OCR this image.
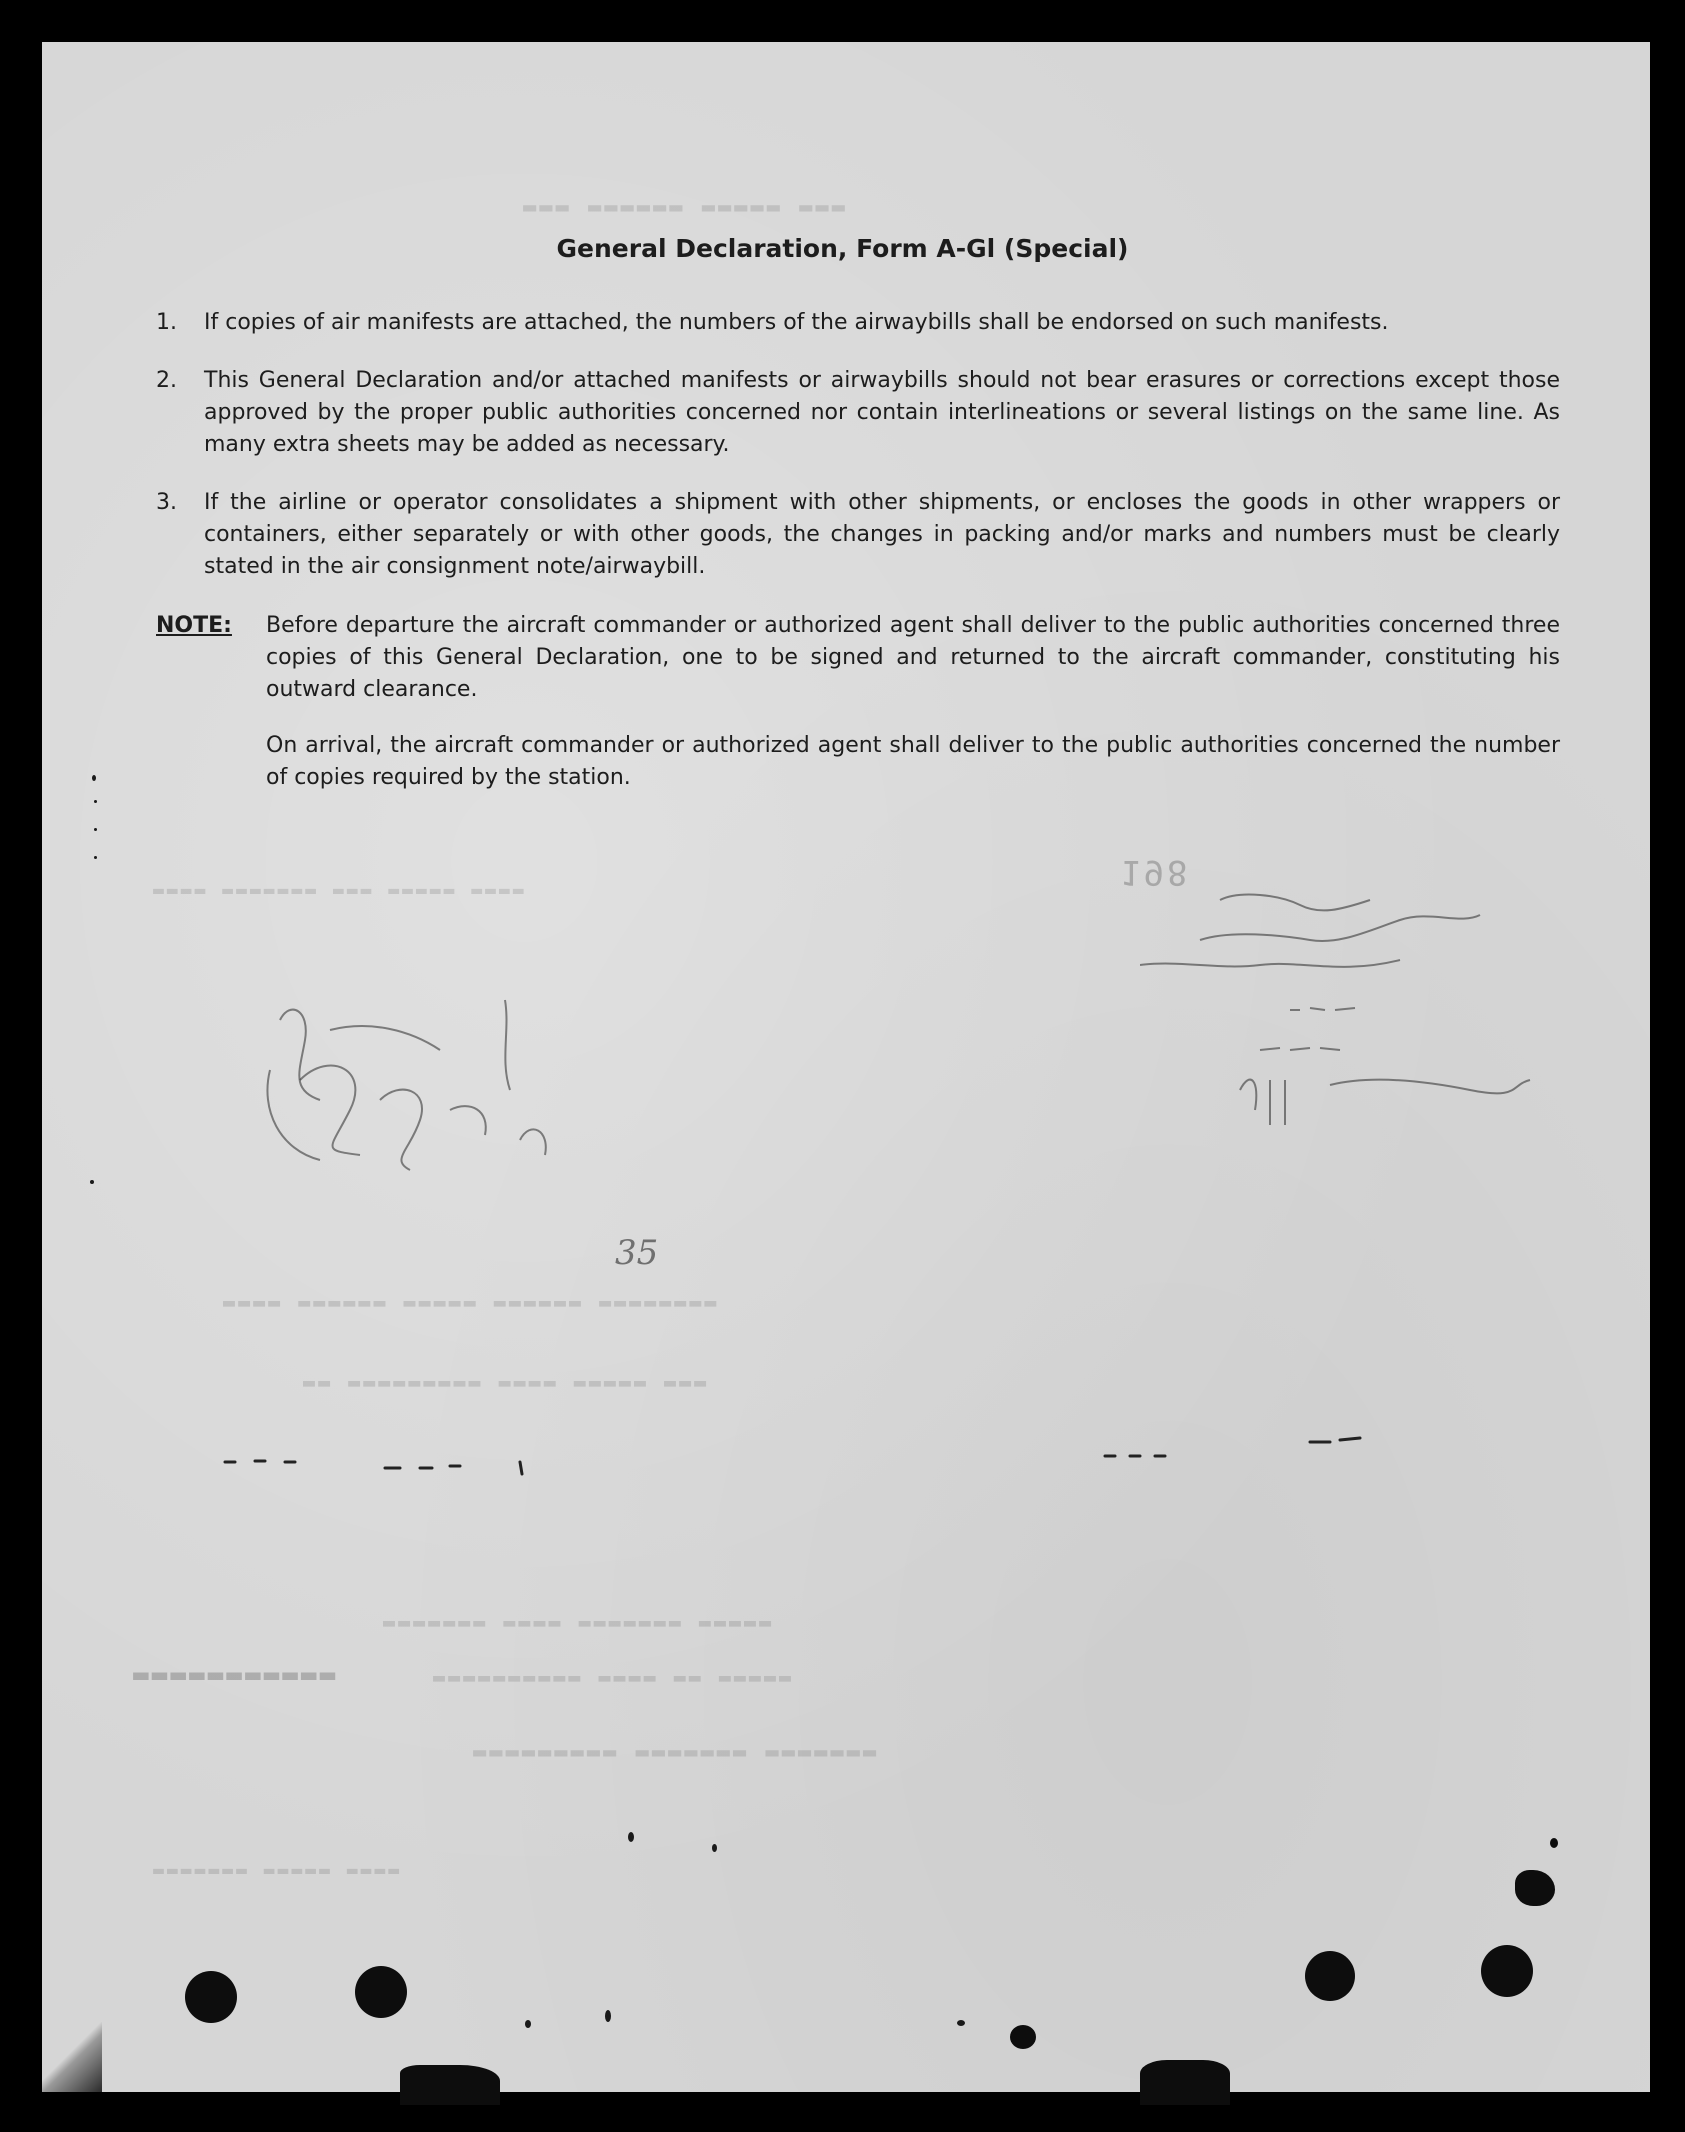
▬▬▬ ▬▬▬▬▬ ▬▬▬▬▬▬ ▬▬▬
▬▬▬▬ ▬▬▬▬▬ ▬▬▬ ▬▬▬▬▬▬▬ ▬▬▬▬
▬▬▬▬▬▬▬▬ ▬▬▬▬▬▬ ▬▬▬▬▬ ▬▬▬▬▬▬ ▬▬▬▬
▬▬▬ ▬▬▬▬▬ ▬▬▬▬ ▬▬▬▬▬▬▬▬▬ ▬▬
▬▬▬▬▬ ▬▬▬▬▬▬▬ ▬▬▬▬ ▬▬▬▬▬▬▬
▬▬▬▬▬ ▬▬ ▬▬▬▬ ▬▬▬▬▬▬▬▬▬▬
▬▬▬▬▬▬▬ ▬▬▬▬▬▬▬ ▬▬▬▬▬▬▬▬▬
▬▬▬▬ ▬▬▬▬▬ ▬▬▬▬▬▬▬
▬▬▬▬▬▬▬▬▬▬▬
198
General Declaration, Form A-Gl (Special)
1.	If copies of air manifests are attached, the numbers of the airwaybills shall be endorsed on such manifests.
2.	This General Declaration and/or attached manifests or airwaybills should not bear erasures or corrections except those approved by the proper public authorities concerned nor contain interlineations or several listings on the same line. As many extra sheets may be added as necessary.
3.	If the airline or operator consolidates a shipment with other shipments, or encloses the goods in other wrappers or containers, either separately or with other goods, the changes in packing and/or marks and numbers must be clearly stated in the air consignment note/airwaybill.
NOTE:	Before departure the aircraft commander or authorized agent shall deliver to the public authorities concerned three copies of this General Declaration, one to be signed and returned to the aircraft commander, constituting his outward clearance.

On arrival, the aircraft commander or authorized agent shall deliver to the public authorities concerned the number of copies required by the station.

35
